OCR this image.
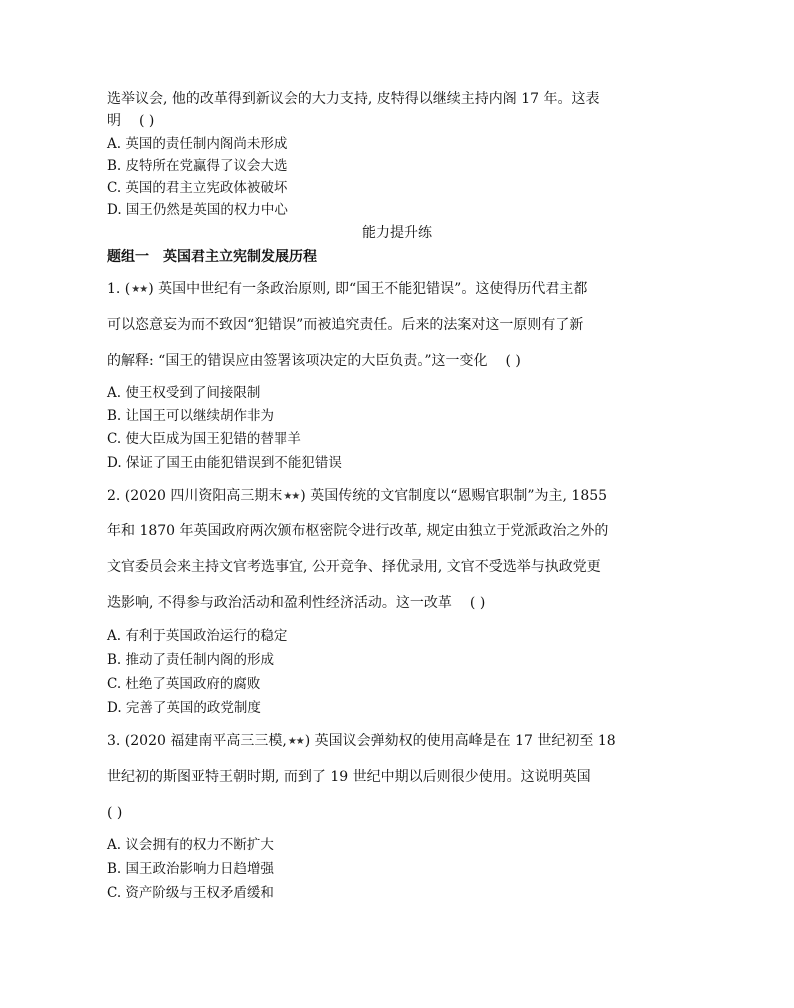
选举议会, 他的改革得到新议会的大力支持, 皮特得以继续主持内阁 17 年。这表
明 ( )
A. 英国的责任制内阁尚未形成
B. 皮特所在党赢得了议会大选
C. 英国的君主立宪政体被破坏
D. 国王仍然是英国的权力中心
能力提升练
题组一　英国君主立宪制发展历程
1. (★★) 英国中世纪有一条政治原则, 即“国王不能犯错误”。这使得历代君主都
可以恣意妄为而不致因“犯错误”而被追究责任。后来的法案对这一原则有了新
的解释: “国王的错误应由签署该项决定的大臣负责。”这一变化 ( )
A. 使王权受到了间接限制
B. 让国王可以继续胡作非为
C. 使大臣成为国王犯错的替罪羊
D. 保证了国王由能犯错误到不能犯错误
2. (2020 四川资阳高三期末★★) 英国传统的文官制度以“恩赐官职制”为主, 1855
年和 1870 年英国政府两次颁布枢密院令进行改革, 规定由独立于党派政治之外的
文官委员会来主持文官考选事宜, 公开竞争、择优录用, 文官不受选举与执政党更
迭影响, 不得参与政治活动和盈利性经济活动。这一改革 ( )
A. 有利于英国政治运行的稳定
B. 推动了责任制内阁的形成
C. 杜绝了英国政府的腐败
D. 完善了英国的政党制度
3. (2020 福建南平高三三模,★★) 英国议会弹劾权的使用高峰是在 17 世纪初至 18
世纪初的斯图亚特王朝时期, 而到了 19 世纪中期以后则很少使用。这说明英国
( )
A. 议会拥有的权力不断扩大
B. 国王政治影响力日趋增强
C. 资产阶级与王权矛盾缓和
